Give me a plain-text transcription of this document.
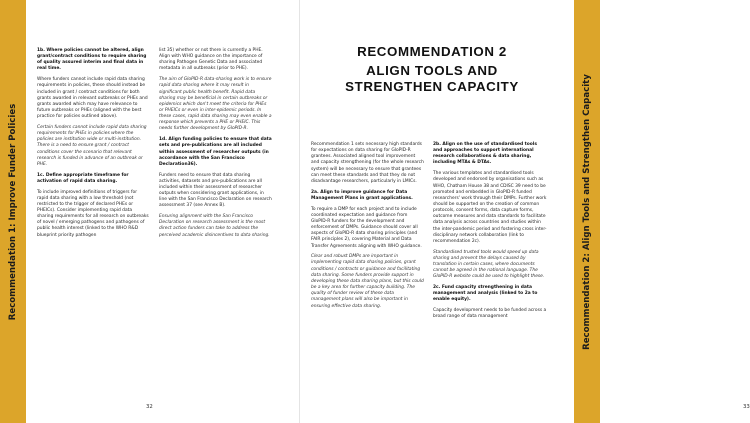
Recommendation 1: Improve Funder Policies

1b. Where policies cannot be altered, align grant/contract conditions to require sharing of quality assured interim and final data in real time.

Where funders cannot include rapid data sharing requirements in policies, these should instead be included in grant / contract conditions for both grants awarded in relevant outbreaks or PHEs and grants awarded which may have relevance to future outbreaks or PHEs (aligned with the best practice for policies outlined above).

Certain funders cannot include rapid data sharing requirements for PHEs in policies where the policies are institution wide or multi-institution. There is a need to ensure grant / contract conditions cover the scenario that relevant research is funded in advance of an outbreak or PHE.

1c. Define appropriate timeframe for activation of rapid data sharing.

To include improved definitions of triggers for rapid data sharing with a low threshold (not restricted to the trigger of declared PHEs or PHEICs). Consider implementing rapid data sharing requirements for all research on outbreaks of novel / emerging pathogens and pathogens of public health interest (linked to the WHO R&D blueprint priority pathogen

list 35) whether or not there is currently a PHE. Align with WHO guidance on the importance of sharing Pathogen Genetic Data and associated metadata in all outbreaks (prior to PHE).

The aim of GloPID-R data-sharing work is to ensure rapid data sharing where it may result in significant public health benefit. Rapid data sharing may be beneficial in certain outbreaks or epidemics which don't meet the criteria for PHEs or PHEICs or even in inter-epidemic periods. In these cases, rapid data sharing may even enable a response which prevents a PHE or PHEIC. This needs further development by GloPID-R.

1d. Align funding policies to ensure that data sets and pre-publications are all included within assessment of researcher outputs (in accordance with the San Francisco Declaration36).

Funders need to ensure that data sharing activities, datasets and pre-publications are all included within their assessment of researcher outputs when considering grant applications, in line with the San Francisco Declaration on research assessment 37 (see Annex B).

Ensuring alignment with the San Francisco Declaration on research assessment is the most direct action funders can take to address the perceived academic disincentives to data sharing.

32
Recommendation 2: Align Tools and Strengthen Capacity
33
RECOMMENDATION 2
ALIGN TOOLS AND
STRENGTHEN CAPACITY

Recommendation 1 sets necessary high standards for expectations on data sharing for GloPID-R grantees. Associated aligned tool improvement and capacity strengthening (for the whole research system) will be necessary to ensure that grantees can meet these standards and that they do not disadvantage researchers, particularly in LMICs.

2a. Align to improve guidance for Data Management Plans in grant applications.

To require a DMP for each project and to include coordinated expectation and guidance from GloPID-R funders for the development and enforcement of DMPs. Guidance should cover all aspects of GloPID-R data sharing principles (and FAIR principles 2), covering Material and Data Transfer Agreements aligning with WHO guidance.

Clear and robust DMPs are important in implementing rapid data sharing policies, grant conditions / contracts or guidance and facilitating data sharing. Some funders provide support in developing these data sharing plans, but this could be a key area for further capacity building. The quality of funder review of these data management plans will also be important in ensuring effective data sharing.

2b. Align on the use of standardised tools and approaches to support international research collaborations & data sharing, including MTAs & DTAs.

The various templates and standardised tools developed and endorsed by organisations such as WHO, Chatham House 38 and CDISC 39 need to be promoted and embedded in GloPID-R funded researchers' work through their DMPs. Further work should be supported on the creation of common protocols, consent forms, data capture forms, outcome measures and data standards to facilitate data analysis across countries and studies within the inter-pandemic period and fostering cross inter-disciplinary network collaboration (link to recommendation 2c).

Standardised trusted tools would speed up data sharing and prevent the delays caused by translation in certain cases, where documents cannot be agreed in the national language. The GloPID-R website could be used to highlight these.

2c. Fund capacity strengthening in data management and analysis (linked to 2a to enable equity).

Capacity development needs to be funded across a broad range of data management
